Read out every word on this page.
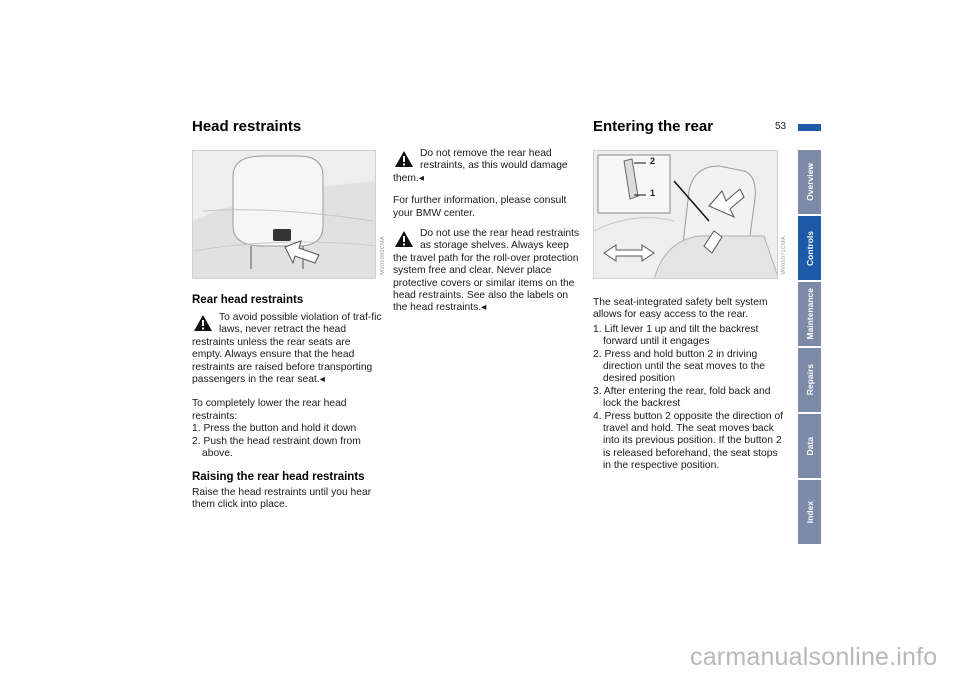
Head restraints
MV05080CMA
Rear head restraints

To avoid possible violation of traf-fic laws, never retract the head restraints unless the rear seats are empty. Always ensure that the head restraints are raised before transporting passengers in the rear seat.◂

To completely lower the rear head restraints:

1. Press the button and hold it down
2. Push the head restraint down from above.
Raising the rear head restraints
Raise the head restraints until you hear them click into place.

Do not remove the rear head restraints, as this would damage them.◂

For further information, please consult your BMW center.

Do not use the rear head restraints as storage shelves. Always keep the travel path for the roll-over protection system free and clear. Never place protective covers or similar items on the head restraints. See also the labels on the head restraints.◂

Entering the rear	53
2
1
MV05071CMA

The seat-integrated safety belt system allows for easy access to the rear.

1. Lift lever 1 up and tilt the backrest forward until it engages
2. Press and hold button 2 in driving direction until the seat moves to the desired position
3. After entering the rear, fold back and lock the backrest
4. Press button 2 opposite the direction of travel and hold. The seat moves back into its previous position. If the button 2 is released beforehand, the seat stops in the respective position.
Overview
Controls
Maintenance
Repairs
Data
Index
carmanualsonline.info
